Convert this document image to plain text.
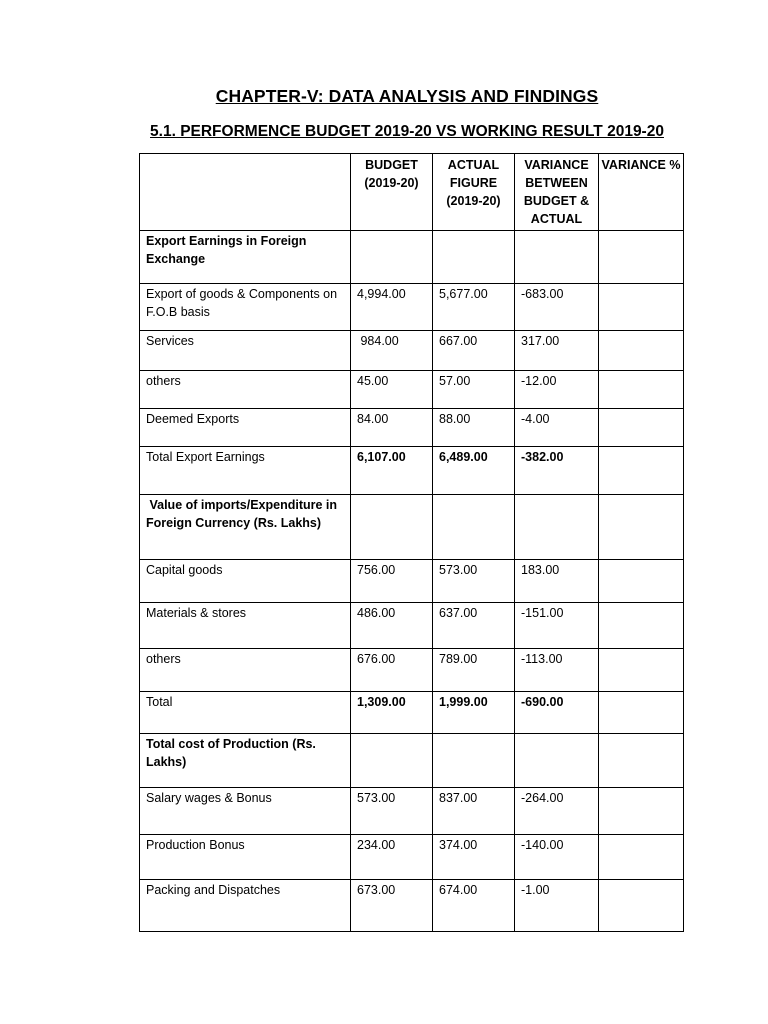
CHAPTER-V: DATA ANALYSIS AND FINDINGS
5.1. PERFORMENCE BUDGET 2019-20 VS WORKING RESULT 2019-20
	BUDGET (2019-20)	ACTUAL FIGURE (2019-20)	VARIANCE BETWEEN BUDGET & ACTUAL	VARIANCE %
Export Earnings in Foreign Exchange				
Export of goods & Components on F.O.B basis	4,994.00	5,677.00	-683.00	
Services	984.00	667.00	317.00	
others	45.00	57.00	-12.00	
Deemed Exports	84.00	88.00	-4.00	
Total Export Earnings	6,107.00	6,489.00	-382.00	
Value of imports/Expenditure in Foreign Currency (Rs. Lakhs)				
Capital goods	756.00	573.00	183.00	
Materials & stores	486.00	637.00	-151.00	
others	676.00	789.00	-113.00	
Total	1,309.00	1,999.00	-690.00	
Total cost of Production (Rs. Lakhs)				
Salary wages & Bonus	573.00	837.00	-264.00	
Production Bonus	234.00	374.00	-140.00	
Packing and Dispatches	673.00	674.00	-1.00	
